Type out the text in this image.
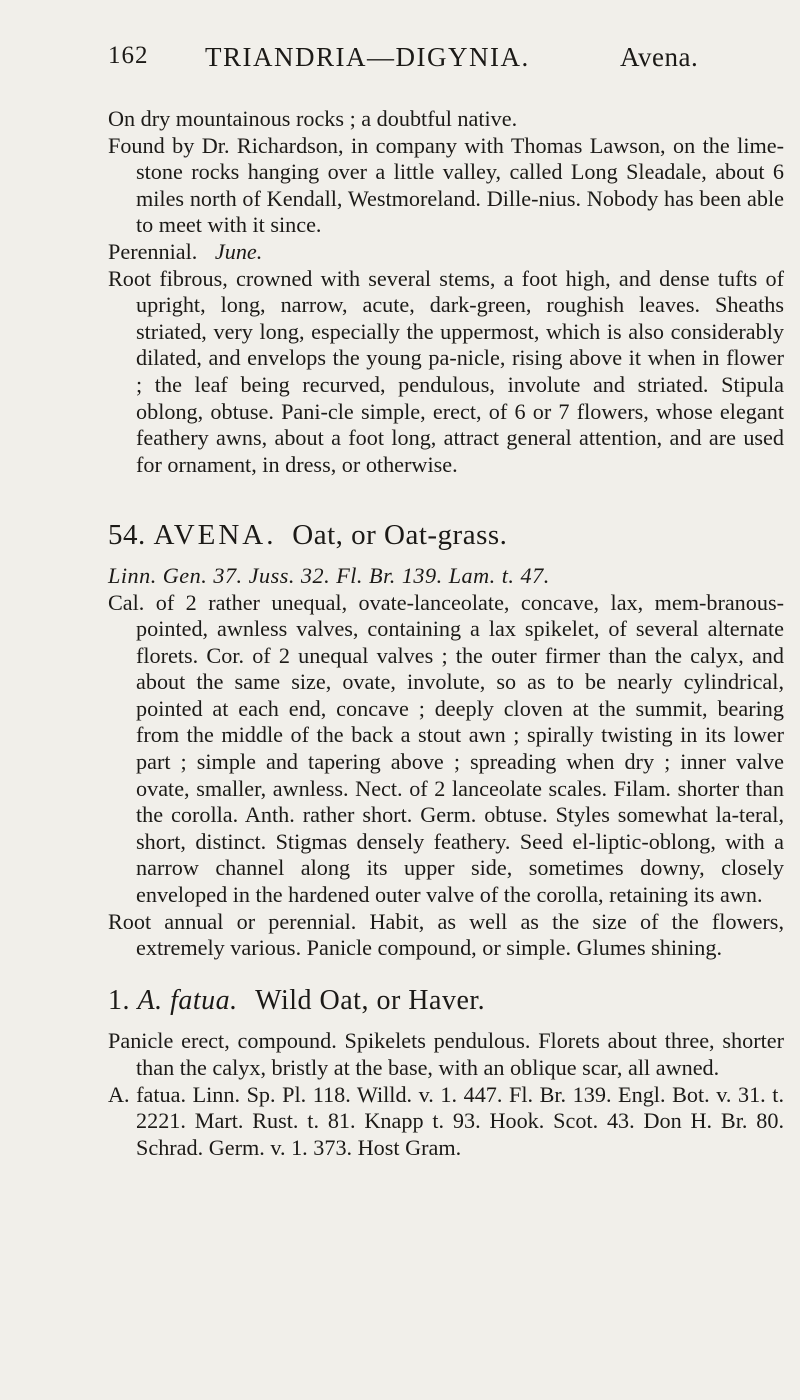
162 TRIANDRIA—DIGYNIA.	Avena.

On dry mountainous rocks ; a doubtful native.

Found by Dr. Richardson, in company with Thomas Lawson, on the lime-stone rocks hanging over a little valley, called Long Sleadale, about 6 miles north of Kendall, Westmoreland. Dille-nius. Nobody has been able to meet with it since.

Perennial. June.

Root fibrous, crowned with several stems, a foot high, and dense tufts of upright, long, narrow, acute, dark-green, roughish leaves. Sheaths striated, very long, especially the uppermost, which is also considerably dilated, and envelops the young pa-nicle, rising above it when in flower ; the leaf being recurved, pendulous, involute and striated. Stipula oblong, obtuse. Pani-cle simple, erect, of 6 or 7 flowers, whose elegant feathery awns, about a foot long, attract general attention, and are used for ornament, in dress, or otherwise.

54. AVENA. Oat, or Oat-grass.

Linn. Gen. 37. Juss. 32. Fl. Br. 139. Lam. t. 47.

Cal. of 2 rather unequal, ovate-lanceolate, concave, lax, mem-branous-pointed, awnless valves, containing a lax spikelet, of several alternate florets. Cor. of 2 unequal valves ; the outer firmer than the calyx, and about the same size, ovate, involute, so as to be nearly cylindrical, pointed at each end, concave ; deeply cloven at the summit, bearing from the middle of the back a stout awn ; spirally twisting in its lower part ; simple and tapering above ; spreading when dry ; inner valve ovate, smaller, awnless. Nect. of 2 lanceolate scales. Filam. shorter than the corolla. Anth. rather short. Germ. obtuse. Styles somewhat la-teral, short, distinct. Stigmas densely feathery. Seed el-liptic-oblong, with a narrow channel along its upper side, sometimes downy, closely enveloped in the hardened outer valve of the corolla, retaining its awn.

Root annual or perennial. Habit, as well as the size of the flowers, extremely various. Panicle compound, or simple. Glumes shining.

1. A. fatua. Wild Oat, or Haver.

Panicle erect, compound. Spikelets pendulous. Florets about three, shorter than the calyx, bristly at the base, with an oblique scar, all awned.

A. fatua. Linn. Sp. Pl. 118. Willd. v. 1. 447. Fl. Br. 139. Engl. Bot. v. 31. t. 2221. Mart. Rust. t. 81. Knapp t. 93. Hook. Scot. 43. Don H. Br. 80. Schrad. Germ. v. 1. 373. Host Gram.
